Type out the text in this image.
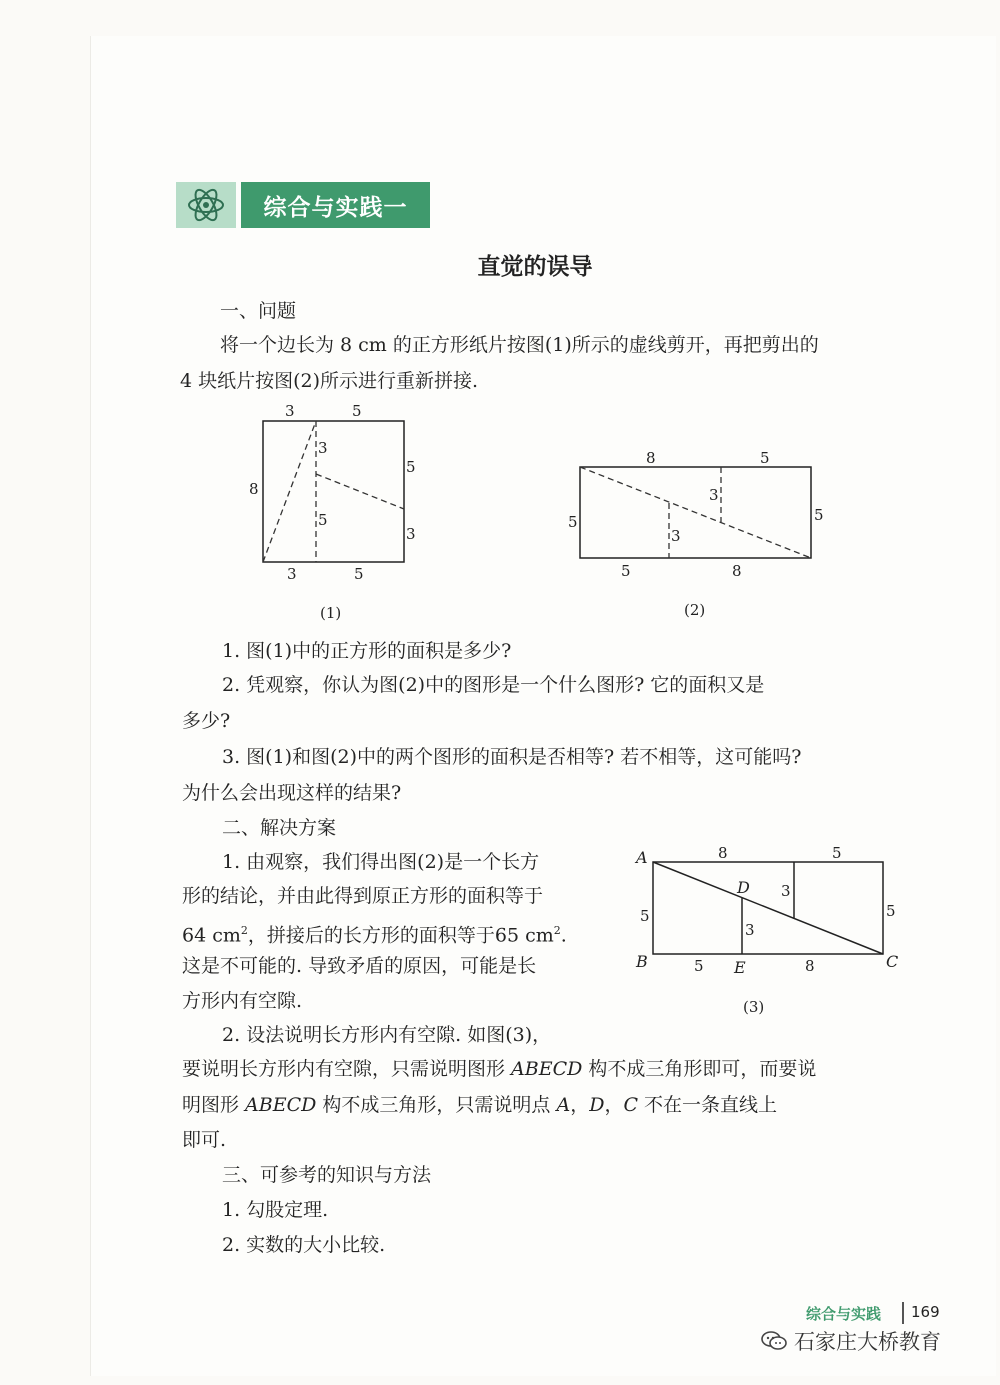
综合与实践一
直觉的误导
一、问题
将一个边长为 8 cm 的正方形纸片按图(1)所示的虚线剪开，再把剪出的
4 块纸片按图(2)所示进行重新拼接.
3	5
8
5
3
3
5
3	5
8	5
5	5
3
3
5	8
A
B	C
D
E
8	5
5	5
3
3
5	8
(1)	(2)
(3)
1. 图(1)中的正方形的面积是多少?
2. 凭观察，你认为图(2)中的图形是一个什么图形? 它的面积又是
多少?
3. 图(1)和图(2)中的两个图形的面积是否相等? 若不相等，这可能吗?
为什么会出现这样的结果?
二、解决方案
1. 由观察，我们得出图(2)是一个长方
形的结论，并由此得到原正方形的面积等于
64 $cm^2$，拼接后的长方形的面积等于65 $cm^2$.
这是不可能的. 导致矛盾的原因，可能是长
方形内有空隙.
2. 设法说明长方形内有空隙. 如图(3)，
要说明长方形内有空隙，只需说明图形 ABECD 构不成三角形即可，而要说
明图形 ABECD 构不成三角形，只需说明点 A，D，C 不在一条直线上
即可.
三、可参考的知识与方法
1. 勾股定理.
2. 实数的大小比较.
综合与实践 169
石家庄大桥教育
